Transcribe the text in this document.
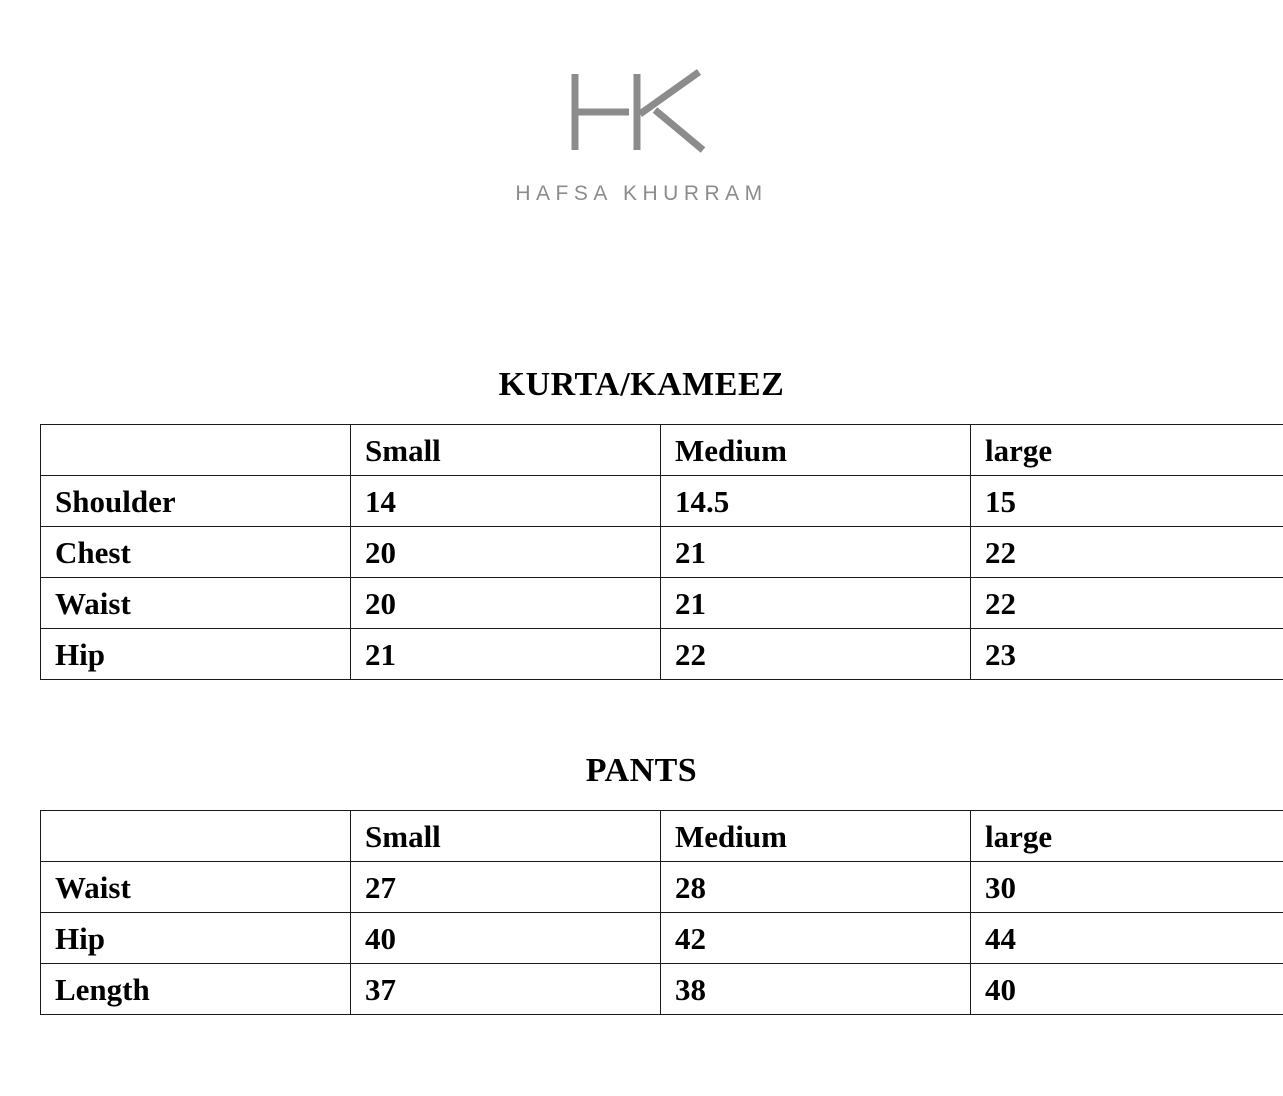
HAFSA KHURRAM
KURTA/KAMEEZ
	Small	Medium	large
Shoulder	14	14.5	15
Chest	20	21	22
Waist	20	21	22
Hip	21	22	23
PANTS
	Small	Medium	large
Waist	27	28	30
Hip	40	42	44
Length	37	38	40
